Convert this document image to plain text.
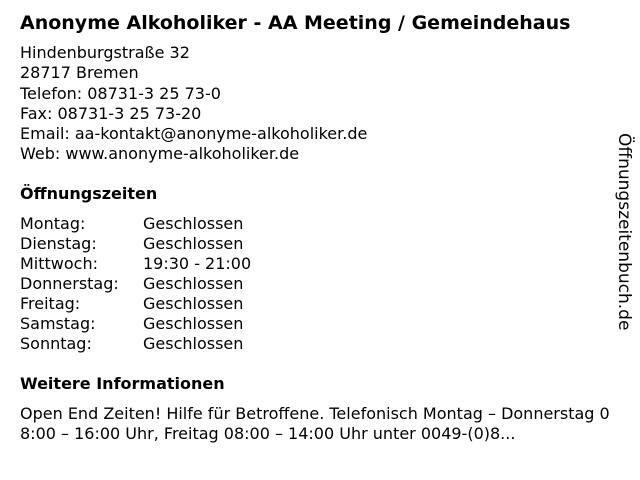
Anonyme Alkoholiker - AA Meeting / Gemeindehaus
Hindenburgstraße 32
28717 Bremen
Telefon: 08731-3 25 73-0
Fax: 08731-3 25 73-20
Email: aa-kontakt@anonyme-alkoholiker.de
Web: www.anonyme-alkoholiker.de
Öffnungszeiten
Montag:	Geschlossen
Dienstag:	Geschlossen
Mittwoch:	19:30 - 21:00
Donnerstag:	Geschlossen
Freitag:	Geschlossen
Samstag:	Geschlossen
Sonntag:	Geschlossen
Weitere Informationen

Open End Zeiten! Hilfe für Betroffene. Telefonisch Montag – Donnerstag 08:00 – 16:00 Uhr, Freitag 08:00 – 14:00 Uhr unter 0049-(0)8...

Öffnungszeitenbuch.de
